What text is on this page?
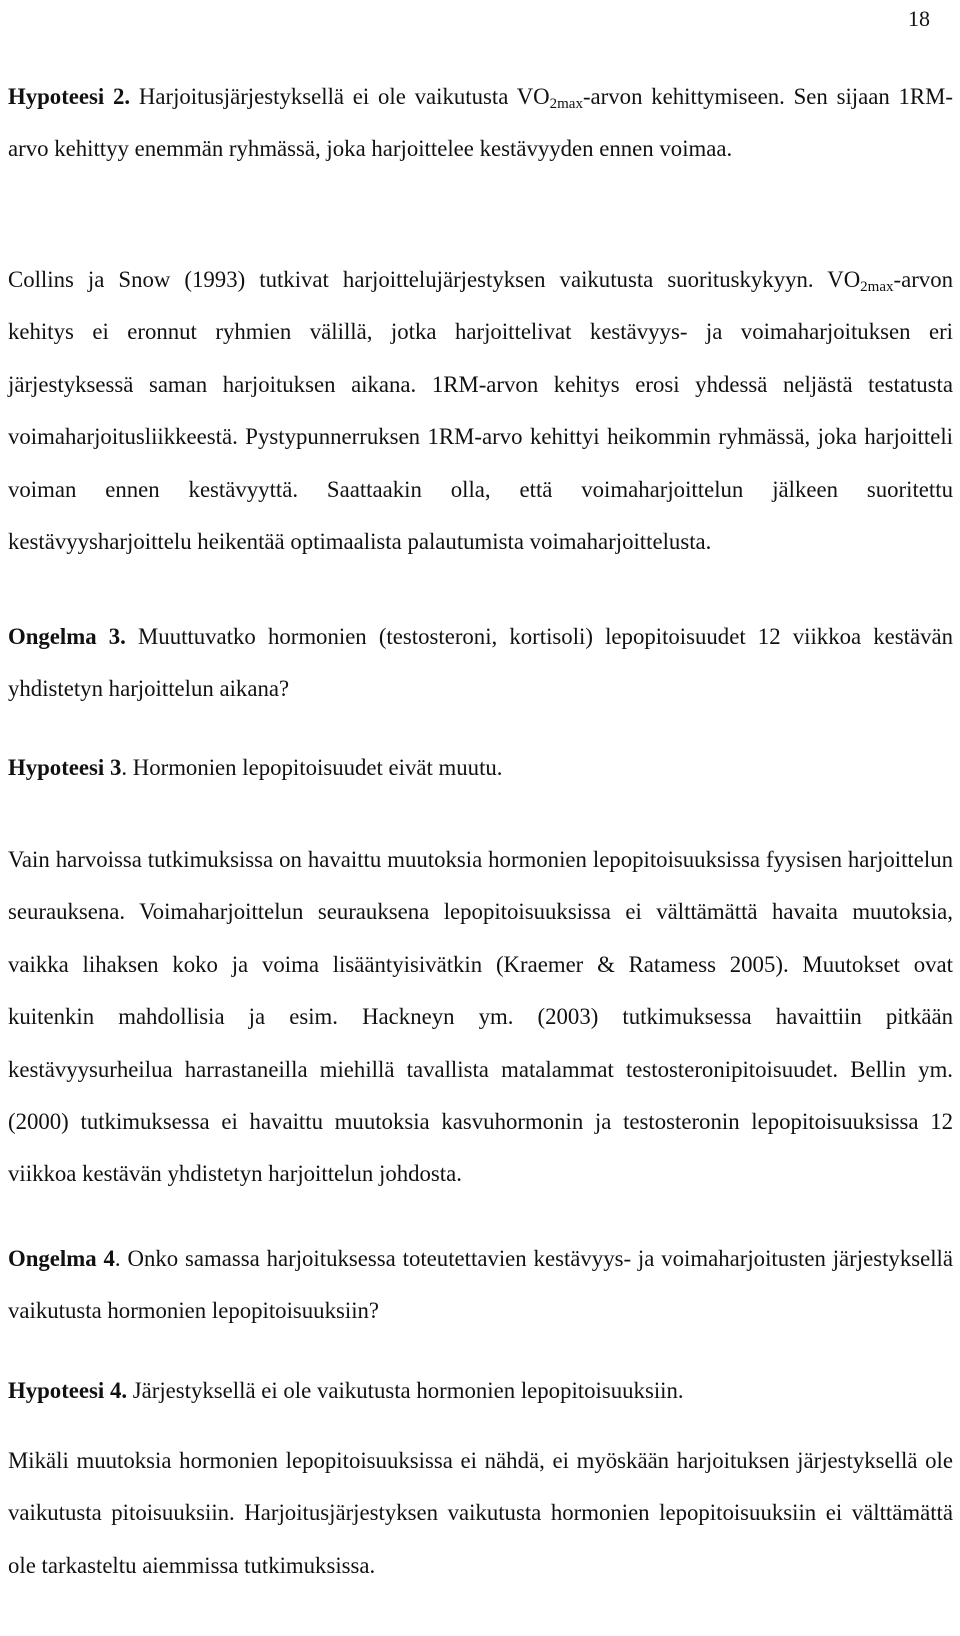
18

Hypoteesi 2. Harjoitusjärjestyksellä ei ole vaikutusta $VO_{2max}$-arvon kehittymiseen. Sen sijaan 1RM-arvo kehittyy enemmän ryhmässä, joka harjoittelee kestävyyden ennen voimaa.

Collins ja Snow (1993) tutkivat harjoittelujärjestyksen vaikutusta suorituskykyyn. $VO_{2max}$-arvon kehitys ei eronnut ryhmien välillä, jotka harjoittelivat kestävyys- ja voimaharjoituksen eri järjestyksessä saman harjoituksen aikana. 1RM-arvon kehitys erosi yhdessä neljästä testatusta voimaharjoitusliikkeestä. Pystypunnerruksen 1RM-arvo kehittyi heikommin ryhmässä, joka harjoitteli voiman ennen kestävyyttä. Saattaakin olla, että voimaharjoittelun jälkeen suoritettu kestävyysharjoittelu heikentää optimaalista palautumista voimaharjoittelusta.

Ongelma 3. Muuttuvatko hormonien (testosteroni, kortisoli) lepopitoisuudet 12 viikkoa kestävän yhdistetyn harjoittelun aikana?

Hypoteesi 3. Hormonien lepopitoisuudet eivät muutu.

Vain harvoissa tutkimuksissa on havaittu muutoksia hormonien lepopitoisuuksissa fyysisen harjoittelun seurauksena. Voimaharjoittelun seurauksena lepopitoisuuksissa ei välttämättä havaita muutoksia, vaikka lihaksen koko ja voima lisääntyisivätkin (Kraemer & Ratamess 2005). Muutokset ovat kuitenkin mahdollisia ja esim. Hackneyn ym. (2003) tutkimuksessa havaittiin pitkään kestävyysurheilua harrastaneilla miehillä tavallista matalammat testosteronipitoisuudet. Bellin ym. (2000) tutkimuksessa ei havaittu muutoksia kasvuhormonin ja testosteronin lepopitoisuuksissa 12 viikkoa kestävän yhdistetyn harjoittelun johdosta.

Ongelma 4. Onko samassa harjoituksessa toteutettavien kestävyys- ja voimaharjoitusten järjestyksellä vaikutusta hormonien lepopitoisuuksiin?

Hypoteesi 4. Järjestyksellä ei ole vaikutusta hormonien lepopitoisuuksiin.

Mikäli muutoksia hormonien lepopitoisuuksissa ei nähdä, ei myöskään harjoituksen järjestyksellä ole vaikutusta pitoisuuksiin. Harjoitusjärjestyksen vaikutusta hormonien lepopitoisuuksiin ei välttämättä ole tarkasteltu aiemmissa tutkimuksissa.
